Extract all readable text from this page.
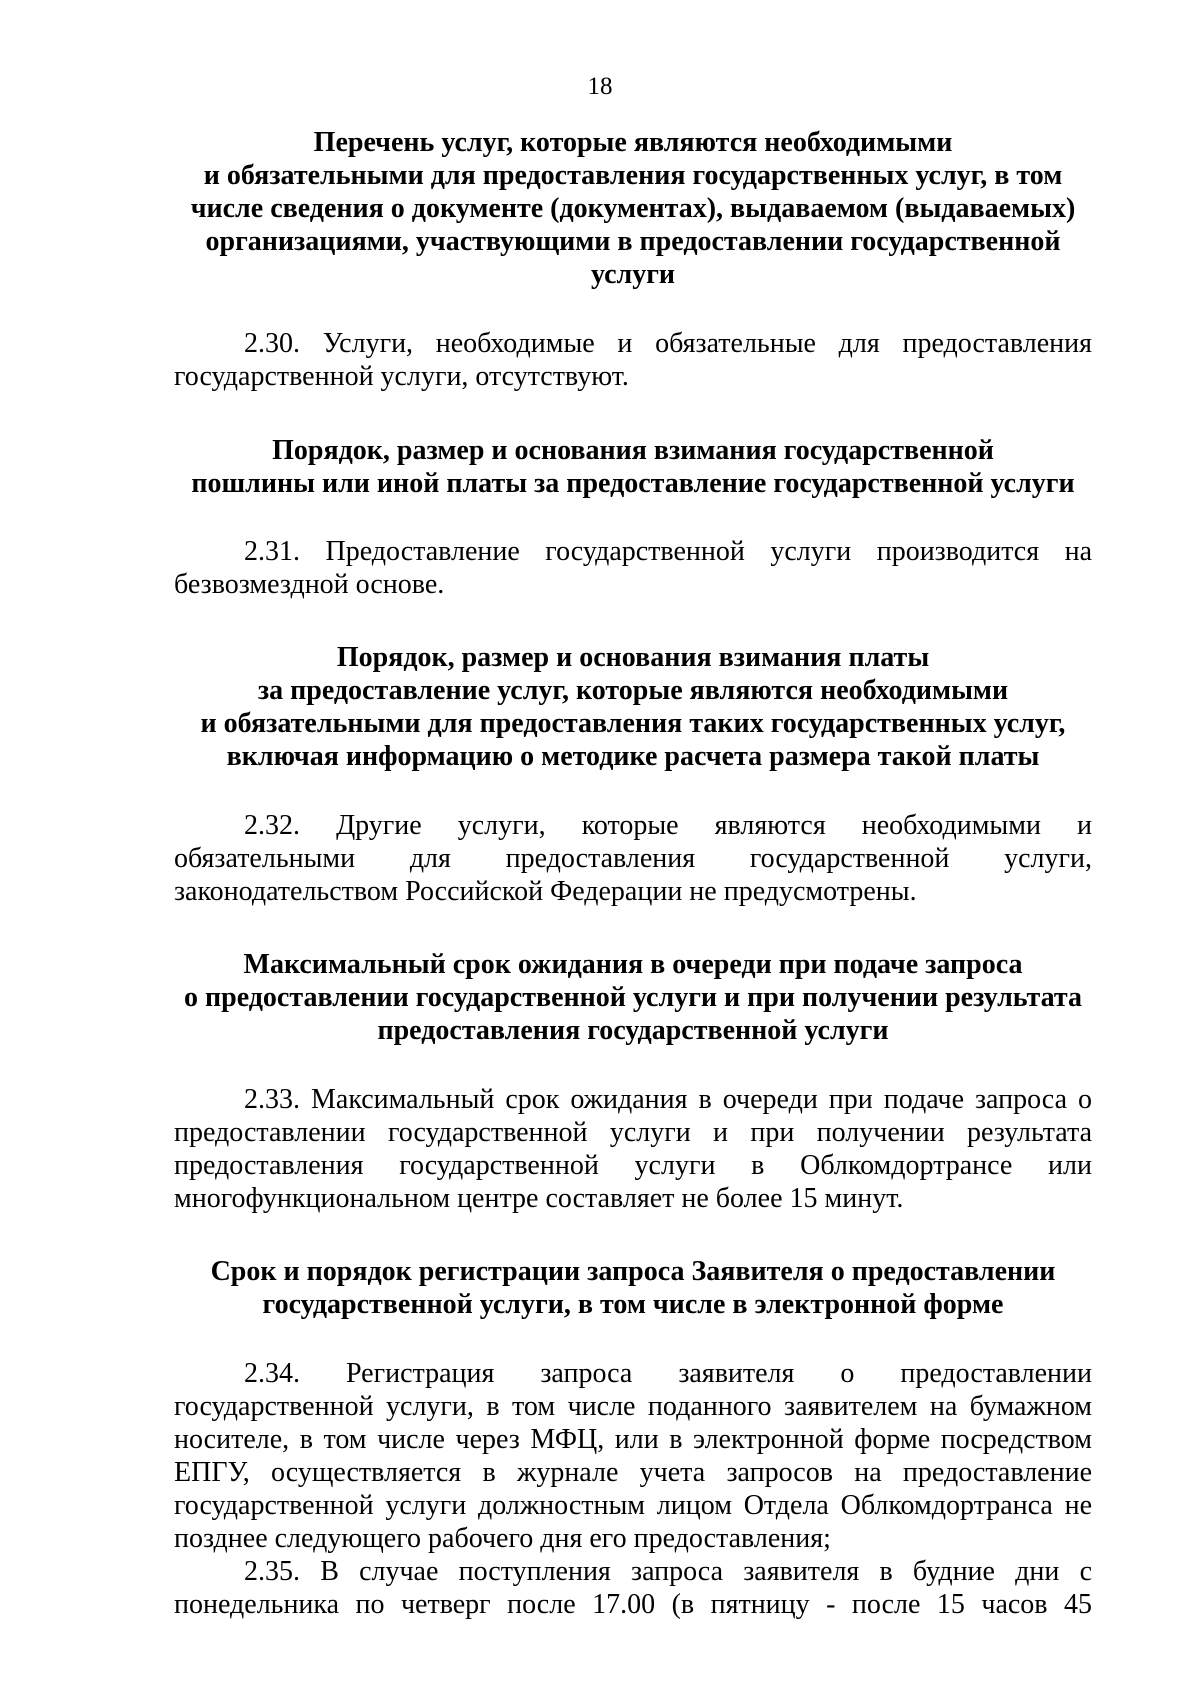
18
Перечень услуг, которые являются необходимыми
и обязательными для предоставления государственных услуг, в том
числе сведения о документе (документах), выдаваемом (выдаваемых)
организациями, участвующими в предоставлении государственной
услуги

2.30. Услуги, необходимые и обязательные для предоставления государственной услуги, отсутствуют.

Порядок, размер и основания взимания государственной
пошлины или иной платы за предоставление государственной услуги

2.31. Предоставление государственной услуги производится на безвозмездной основе.

Порядок, размер и основания взимания платы
за предоставление услуг, которые являются необходимыми
и обязательными для предоставления таких государственных услуг,
включая информацию о методике расчета размера такой платы

2.32. Другие услуги, которые являются необходимыми и обязательными для предоставления государственной услуги, законодательством Российской Федерации не предусмотрены.

Максимальный срок ожидания в очереди при подаче запроса
о предоставлении государственной услуги и при получении результата
предоставления государственной услуги

2.33. Максимальный срок ожидания в очереди при подаче запроса о предоставлении государственной услуги и при получении результата предоставления государственной услуги в Облкомдортрансе или многофункциональном центре составляет не более 15 минут.

Срок и порядок регистрации запроса Заявителя о предоставлении
государственной услуги, в том числе в электронной форме

2.34. Регистрация запроса заявителя о предоставлении государственной услуги, в том числе поданного заявителем на бумажном носителе, в том числе через МФЦ, или в электронной форме посредством ЕПГУ, осуществляется в журнале учета запросов на предоставление государственной услуги должностным лицом Отдела Облкомдортранса не позднее следующего рабочего дня его предоставления;

2.35. В случае поступления запроса заявителя в будние дни с понедельника по четверг после 17.00 (в пятницу - после 15 часов 45
